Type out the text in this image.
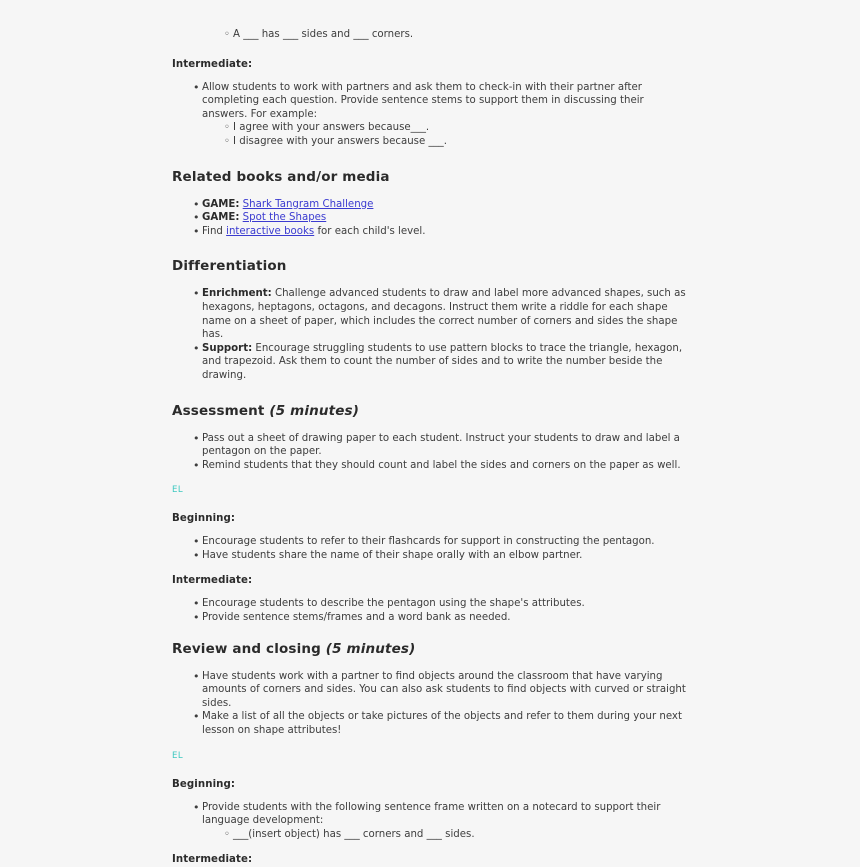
◦ A ___ has ___ sides and ___ corners.
Intermediate:
• Allow students to work with partners and ask them to check-in with their partner after completing each question. Provide sentence stems to support them in discussing their answers. For example:
◦ I agree with your answers because___.
◦ I disagree with your answers because ___.
Related books and/or media
• GAME: Shark Tangram Challenge
• GAME: Spot the Shapes
• Find interactive books for each child's level.
Differentiation
• Enrichment: Challenge advanced students to draw and label more advanced shapes, such as hexagons, heptagons, octagons, and decagons. Instruct them write a riddle for each shape name on a sheet of paper, which includes the correct number of corners and sides the shape has.
• Support: Encourage struggling students to use pattern blocks to trace the triangle, hexagon, and trapezoid. Ask them to count the number of sides and to write the number beside the drawing.
Assessment (5 minutes)
• Pass out a sheet of drawing paper to each student. Instruct your students to draw and label a pentagon on the paper.
• Remind students that they should count and label the sides and corners on the paper as well.
EL
Beginning:
• Encourage students to refer to their flashcards for support in constructing the pentagon.
• Have students share the name of their shape orally with an elbow partner.
Intermediate:
• Encourage students to describe the pentagon using the shape's attributes.
• Provide sentence stems/frames and a word bank as needed.
Review and closing (5 minutes)
• Have students work with a partner to find objects around the classroom that have varying amounts of corners and sides. You can also ask students to find objects with curved or straight sides.
• Make a list of all the objects or take pictures of the objects and refer to them during your next lesson on shape attributes!
EL
Beginning:
• Provide students with the following sentence frame written on a notecard to support their language development:
◦ ___(insert object) has ___ corners and ___ sides.
Intermediate:
